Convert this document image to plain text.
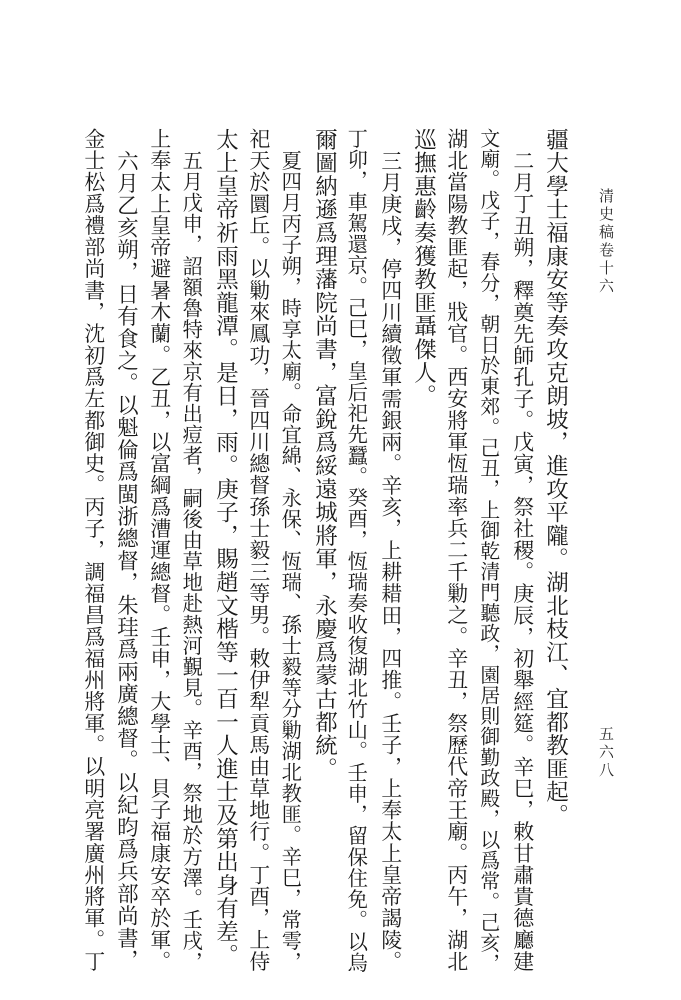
清史稿卷十六
五六八
疆大學士福康安等奏攻克朗坡，進攻平隴。湖北枝江、宜都教匪起。
二月丁丑朔，釋奠先師孔子。戊寅，祭社稷。庚辰，初舉經筵。辛巳，敕甘肅貴德廳建
文廟。戊子，春分，朝日於東郊。己丑，上御乾清門聽政，園居則御勤政殿，以爲常。己亥，
湖北當陽教匪起，戕官。西安將軍恆瑞率兵二千勦之。辛丑，祭歷代帝王廟。丙午，湖北
巡撫惠齡奏獲教匪聶傑人。
三月庚戌，停四川續徵軍需銀兩。辛亥，上耕耤田，四推。壬子，上奉太上皇帝謁陵。
丁卯，車駕還京。己巳，皇后祀先蠶。癸酉，恆瑞奏收復湖北竹山。壬申，留保住免。以烏
爾圖納遜爲理藩院尚書，富銳爲綏遠城將軍，永慶爲蒙古都統。
夏四月丙子朔，時享太廟。命宜綿、永保、恆瑞、孫士毅等分勦湖北教匪。辛巳，常雩，
祀天於圜丘。以勦來鳳功，晉四川總督孫士毅三等男。敕伊犁貢馬由草地行。丁酉，上侍
太上皇帝祈雨黑龍潭。是日，雨。庚子，賜趙文楷等一百一人進士及第出身有差。
五月戊申，詔額魯特來京有出痘者，嗣後由草地赴熱河覲見。辛酉，祭地於方澤。壬戌，
上奉太上皇帝避暑木蘭。乙丑，以富綱爲漕運總督。壬申，大學士、貝子福康安卒於軍。
六月乙亥朔，日有食之。以魁倫爲閩浙總督，朱珪爲兩廣總督。以紀昀爲兵部尚書，
金士松爲禮部尚書，沈初爲左都御史。丙子，調福昌爲福州將軍。以明亮署廣州將軍。丁
